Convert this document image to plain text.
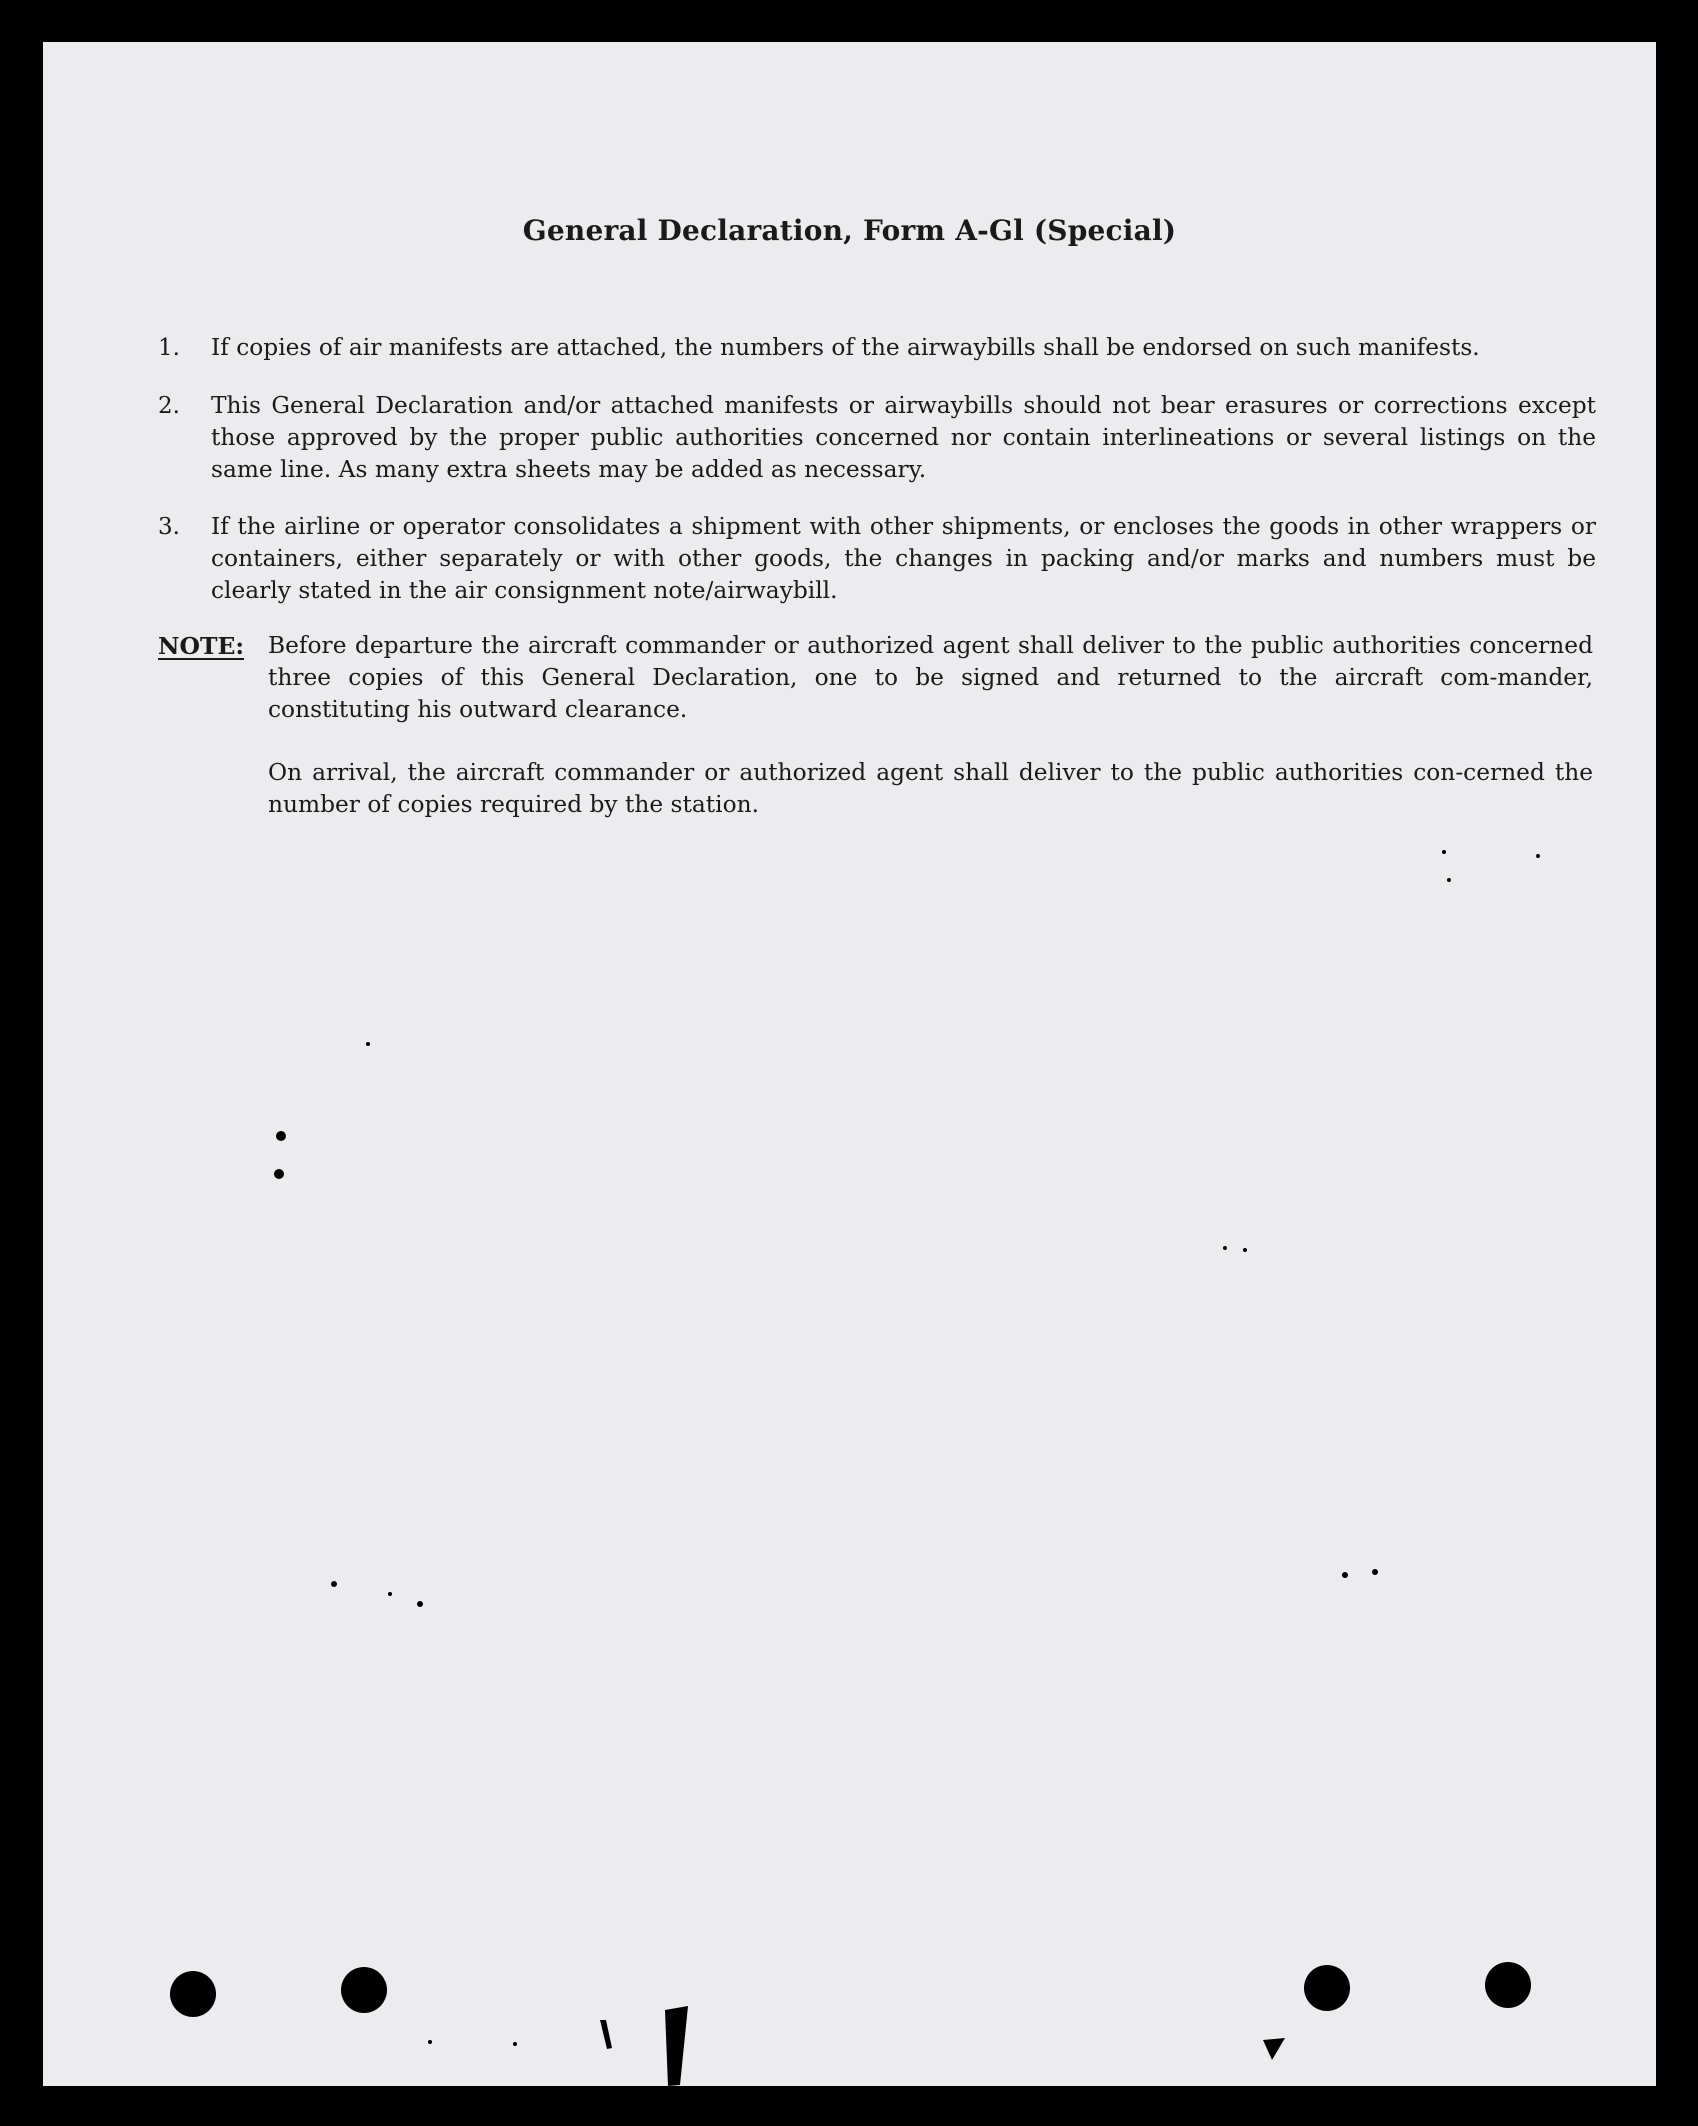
General Declaration, Form A-Gl (Special)
1. If copies of air manifests are attached, the numbers of the airwaybills shall be endorsed on such manifests.
2. This General Declaration and/or attached manifests or airwaybills should not bear erasures or corrections except those approved by the proper public authorities concerned nor contain interlineations or several listings on the same line. As many extra sheets may be added as necessary.
3. If the airline or operator consolidates a shipment with other shipments, or encloses the goods in other wrappers or containers, either separately or with other goods, the changes in packing and/or marks and numbers must be clearly stated in the air consignment note/airwaybill.
NOTE: Before departure the aircraft commander or authorized agent shall deliver to the public authorities concerned three copies of this General Declaration, one to be signed and returned to the aircraft com-mander, constituting his outward clearance.
On arrival, the aircraft commander or authorized agent shall deliver to the public authorities con-cerned the number of copies required by the station.
